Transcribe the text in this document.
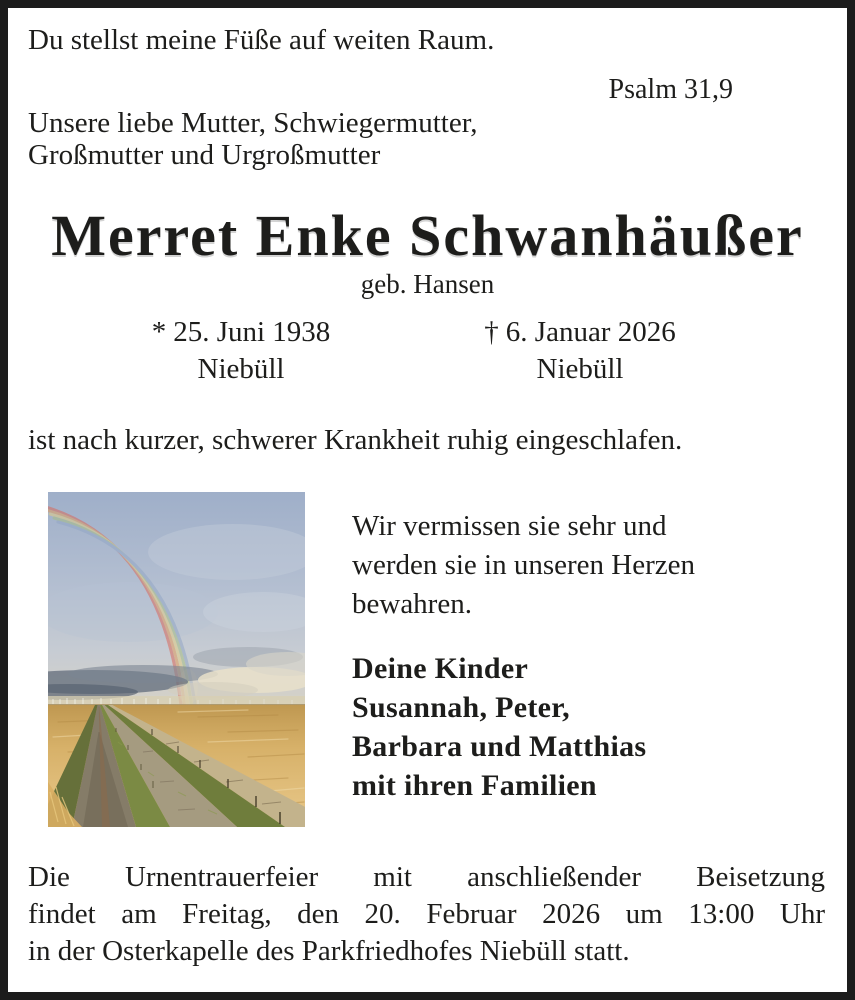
Du stellst meine Füße auf weiten Raum.
Psalm 31,9
Unsere liebe Mutter, Schwiegermutter,
Großmutter und Urgroßmutter
Merret Enke Schwanhäußer
geb. Hansen
* 25. Juni 1938
Niebüll
† 6. Januar 2026
Niebüll
ist nach kurzer, schwerer Krankheit ruhig eingeschlafen.
Wir vermissen sie sehr und
werden sie in unseren Herzen
bewahren.
Deine Kinder
Susannah, Peter,
Barbara und Matthias
mit ihren Familien
Die Urnentrauerfeier mit anschließender Beisetzung
findet am Freitag, den 20. Februar 2026 um 13:00 Uhr
in der Osterkapelle des Parkfriedhofes Niebüll statt.
